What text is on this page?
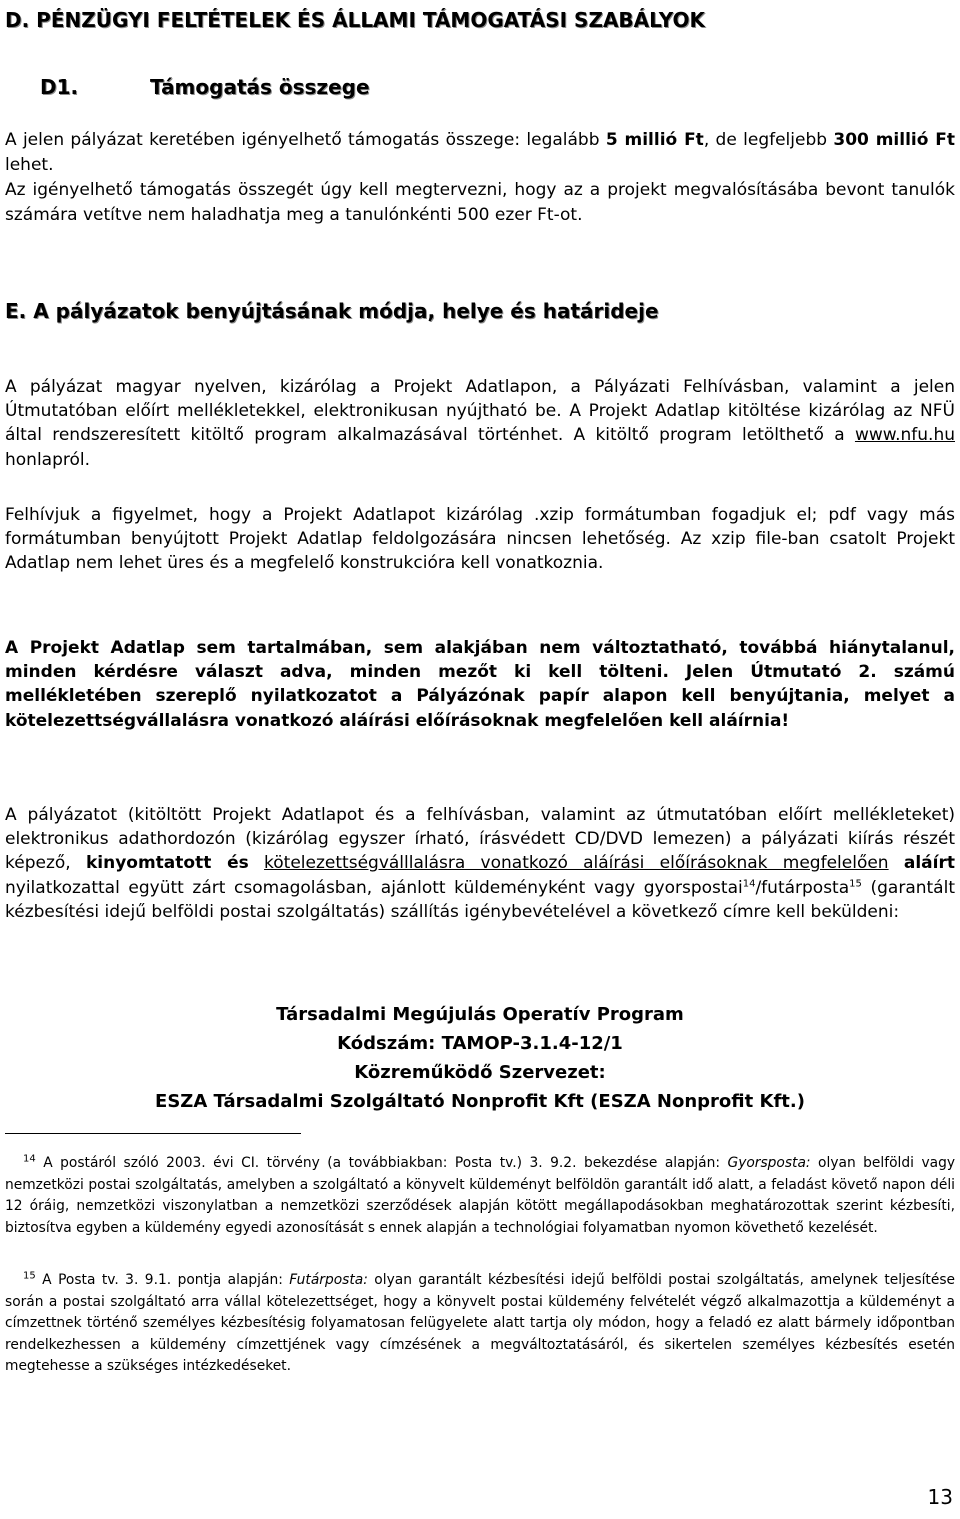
D. PÉNZÜGYI FELTÉTELEK ÉS ÁLLAMI TÁMOGATÁSI SZABÁLYOK
D1.	Támogatás összege
A jelen pályázat keretében igényelhető támogatás összege: legalább 5 millió Ft, de legfeljebb 300 millió Ft lehet.
Az igényelhető támogatás összegét úgy kell megtervezni, hogy az a projekt megvalósításába bevont tanulók számára vetítve nem haladhatja meg a tanulónkénti 500 ezer Ft-ot.
E. A pályázatok benyújtásának módja, helye és határideje
A pályázat magyar nyelven, kizárólag a Projekt Adatlapon, a Pályázati Felhívásban, valamint a jelen Útmutatóban előírt mellékletekkel, elektronikusan nyújtható be. A Projekt Adatlap kitöltése kizárólag az NFÜ által rendszeresített kitöltő program alkalmazásával történhet. A kitöltő program letölthető a www.nfu.hu honlapról.
Felhívjuk a figyelmet, hogy a Projekt Adatlapot kizárólag .xzip formátumban fogadjuk el; pdf vagy más formátumban benyújtott Projekt Adatlap feldolgozására nincsen lehetőség. Az xzip file-ban csatolt Projekt Adatlap nem lehet üres és a megfelelő konstrukcióra kell vonatkoznia.
A Projekt Adatlap sem tartalmában, sem alakjában nem változtatható, továbbá hiánytalanul, minden kérdésre választ adva, minden mezőt ki kell tölteni. Jelen Útmutató 2. számú mellékletében szereplő nyilatkozatot a Pályázónak papír alapon kell benyújtania, melyet a kötelezettségvállalásra vonatkozó aláírási előírásoknak megfelelően kell aláírnia!
A pályázatot (kitöltött Projekt Adatlapot és a felhívásban, valamint az útmutatóban előírt mellékleteket) elektronikus adathordozón (kizárólag egyszer írható, írásvédett CD/DVD lemezen) a pályázati kiírás részét képező, kinyomtatott és kötelezettségválllalásra vonatkozó aláírási előírásoknak megfelelően aláírt nyilatkozattal együtt zárt csomagolásban, ajánlott küldeményként vagy gyorspostai$^{14}$/futárposta$^{15}$ (garantált kézbesítési idejű belföldi postai szolgáltatás) szállítás igénybevételével a következő címre kell beküldeni:
Társadalmi Megújulás Operatív Program
Kódszám: TAMOP-3.1.4-12/1
Közreműködő Szervezet:
ESZA Társadalmi Szolgáltató Nonprofit Kft (ESZA Nonprofit Kft.)
$^{14}$ A postáról szóló 2003. évi CI. törvény (a továbbiakban: Posta tv.) 3. 9.2. bekezdése alapján: Gyorsposta: olyan belföldi vagy nemzetközi postai szolgáltatás, amelyben a szolgáltató a könyvelt küldeményt belföldön garantált idő alatt, a feladást követő napon déli 12 óráig, nemzetközi viszonylatban a nemzetközi szerződések alapján kötött megállapodásokban meghatározottak szerint kézbesíti, biztosítva egyben a küldemény egyedi azonosítását s ennek alapján a technológiai folyamatban nyomon követhető kezelését.
$^{15}$ A Posta tv. 3. 9.1. pontja alapján: Futárposta: olyan garantált kézbesítési idejű belföldi postai szolgáltatás, amelynek teljesítése során a postai szolgáltató arra vállal kötelezettséget, hogy a könyvelt postai küldemény felvételét végző alkalmazottja a küldeményt a címzettnek történő személyes kézbesítésig folyamatosan felügyelete alatt tartja oly módon, hogy a feladó ez alatt bármely időpontban rendelkezhessen a küldemény címzettjének vagy címzésének a megváltoztatásáról, és sikertelen személyes kézbesítés esetén megtehesse a szükséges intézkedéseket.
13
